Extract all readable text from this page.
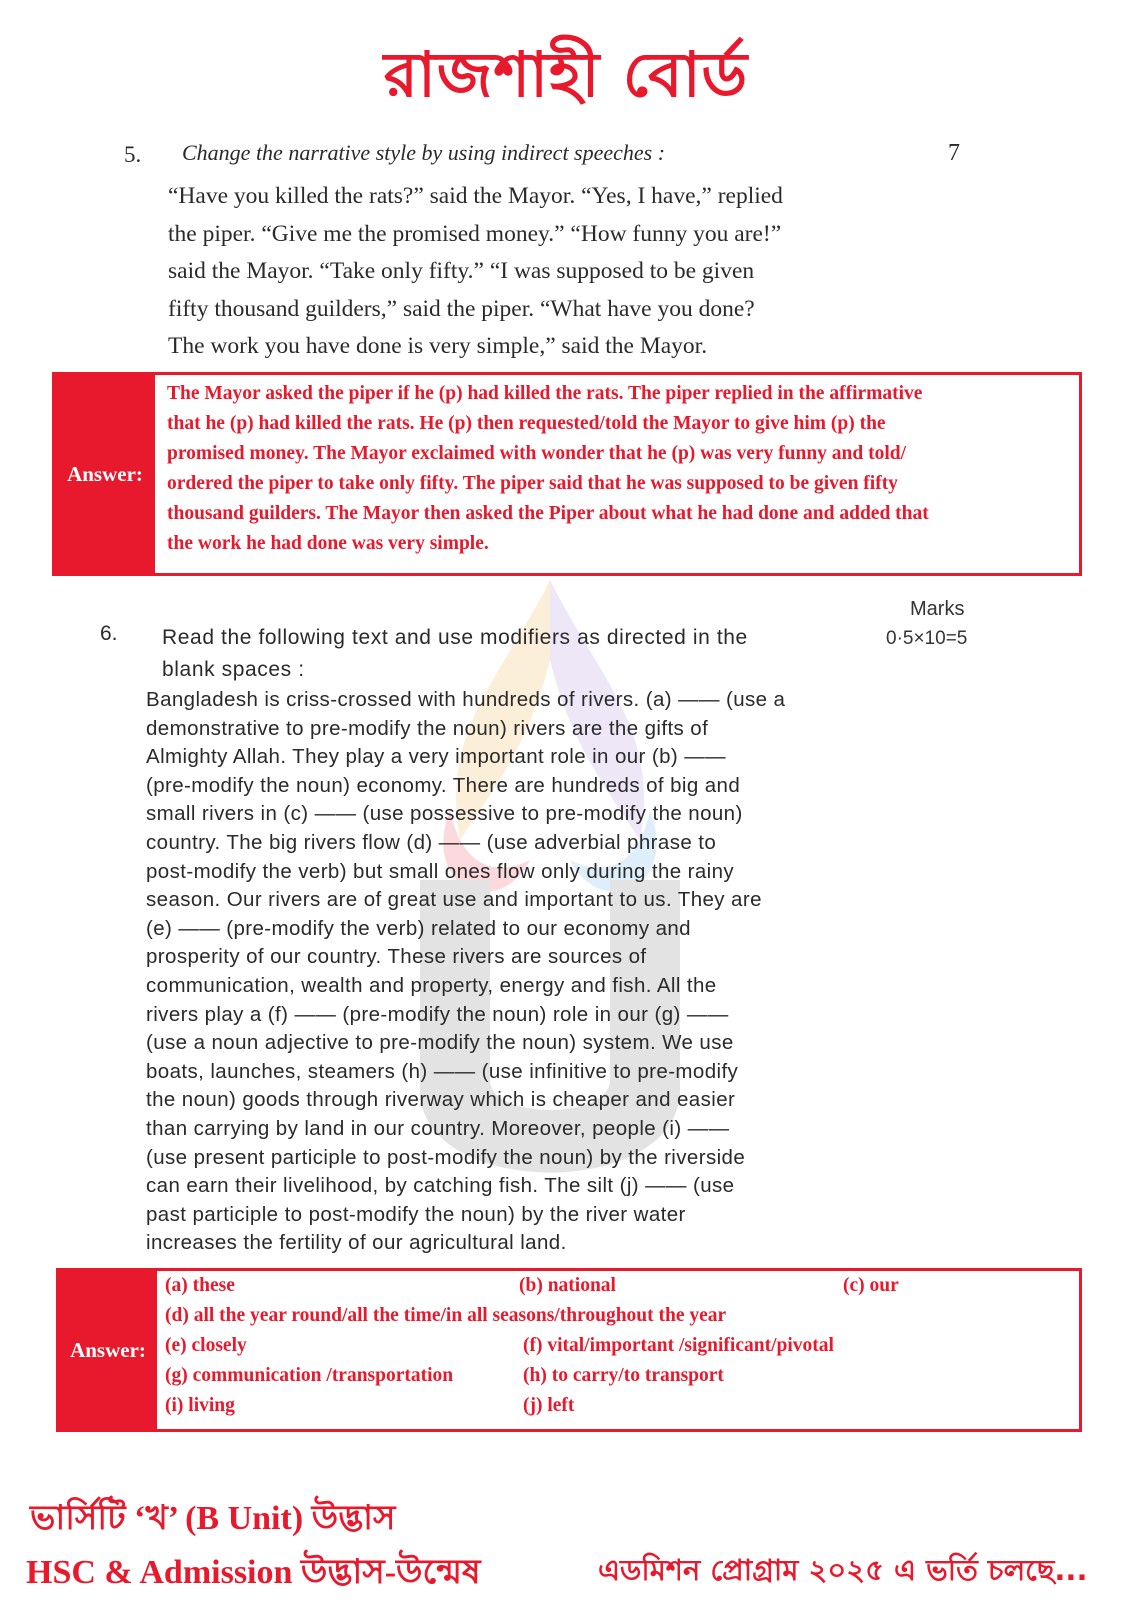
রাজশাহী বোর্ড
5. Change the narrative style by using indirect speeches :	7

“Have you killed the rats?” said the Mayor. “Yes, I have,” replied

the piper. “Give me the promised money.” “How funny you are!”

said the Mayor. “Take only fifty.” “I was supposed to be given

fifty thousand guilders,” said the piper. “What have you done?

The work you have done is very simple,” said the Mayor.

Answer:
The Mayor asked the piper if he (p) had killed the rats. The piper replied in the affirmative
that he (p) had killed the rats. He (p) then requested/told the Mayor to give him (p) the
promised money. The Mayor exclaimed with wonder that he (p) was very funny and told/
ordered the piper to take only fifty. The piper said that he was supposed to be given fifty
thousand guilders. The Mayor then asked the Piper about what he had done and added that
the work he had done was very simple.
Marks
0·5×10=5
6. Read the following text and use modifiers as directed in the

blank spaces :

Bangladesh is criss-crossed with hundreds of rivers. (a) —— (use a

demonstrative to pre-modify the noun) rivers are the gifts of

Almighty Allah. They play a very important role in our (b) ——

(pre-modify the noun) economy. There are hundreds of big and

small rivers in (c) —— (use possessive to pre-modify the noun)

country. The big rivers flow (d) —— (use adverbial phrase to

post-modify the verb) but small ones flow only during the rainy

season. Our rivers are of great use and important to us. They are

(e) —— (pre-modify the verb) related to our economy and

prosperity of our country. These rivers are sources of

communication, wealth and property, energy and fish. All the

rivers play a (f) —— (pre-modify the noun) role in our (g) ——

(use a noun adjective to pre-modify the noun) system. We use

boats, launches, steamers (h) —— (use infinitive to pre-modify

the noun) goods through riverway which is cheaper and easier

than carrying by land in our country. Moreover, people (i) ——

(use present participle to post-modify the noun) by the riverside

can earn their livelihood, by catching fish. The silt (j) —— (use

past participle to post-modify the noun) by the river water

increases the fertility of our agricultural land.

Answer:
(a) these	(b) national	(c) our
(d) all the year round/all the time/in all seasons/throughout the year
(e) closely	(f) vital/important /significant/pivotal
(g) communication /transportation	(h) to carry/to transport
(i) living	(j) left
ভার্সিটি ‘খ’ (B Unit) উদ্ভাস
HSC & Admission উদ্ভাস-উন্মেষ	এডমিশন প্রোগ্রাম ২০২৫ এ ভর্তি চলছে...
